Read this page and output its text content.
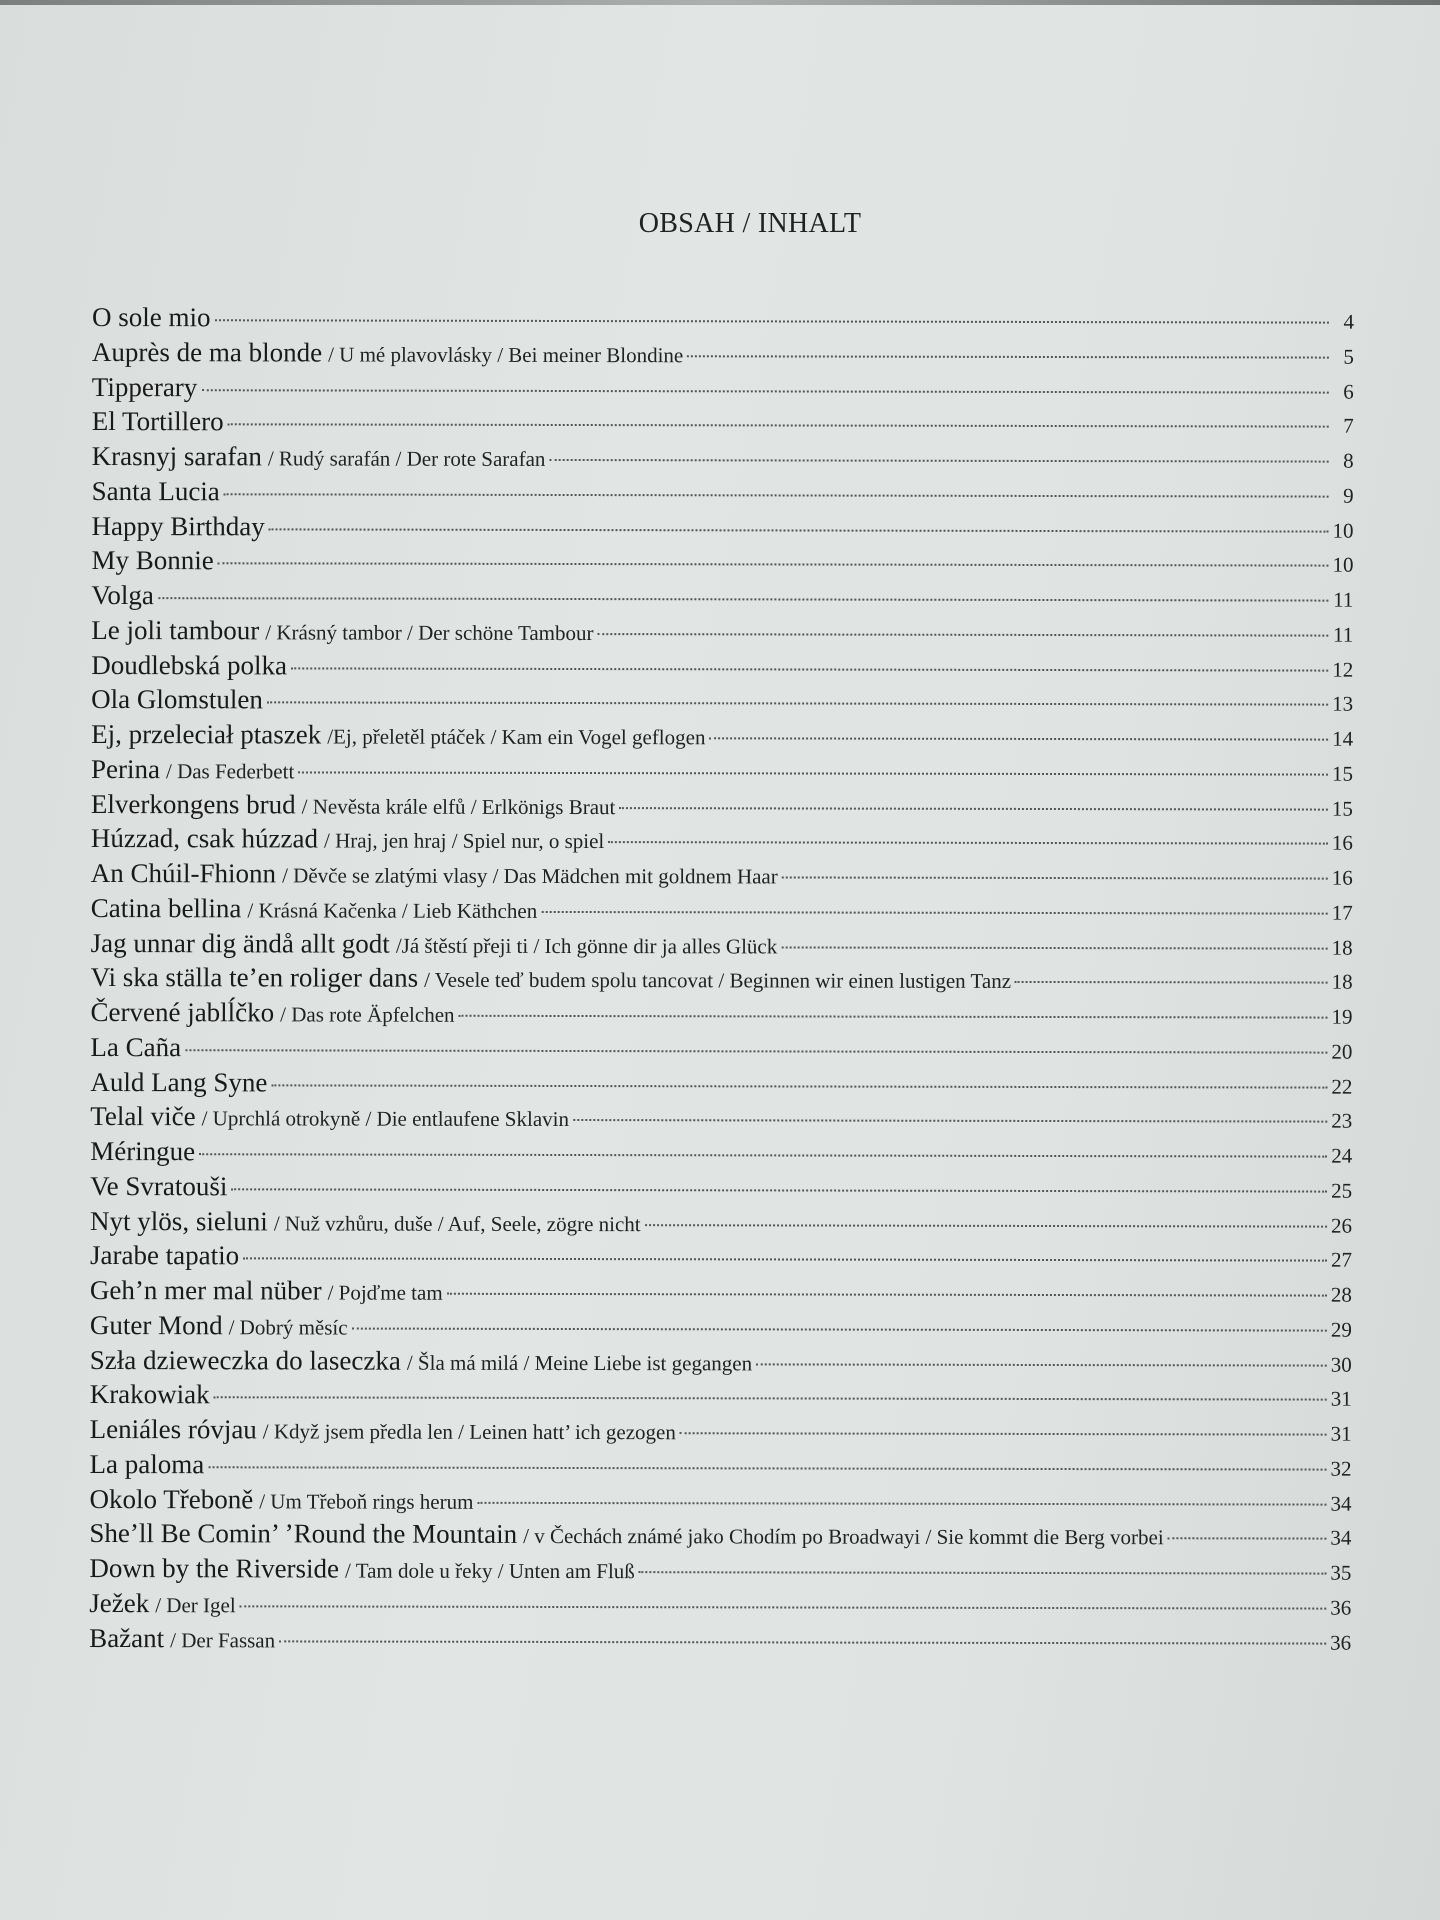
OBSAH / INHALT
O sole mio	4
Auprès de ma blonde / U mé plavovlásky / Bei meiner Blondine	5
Tipperary	6
El Tortillero	7
Krasnyj sarafan / Rudý sarafán / Der rote Sarafan	8
Santa Lucia	9
Happy Birthday	10
My Bonnie	10
Volga	11
Le joli tambour / Krásný tambor / Der schöne Tambour	11
Doudlebská polka	12
Ola Glomstulen	13
Ej, przeleciał ptaszek /Ej, přeletěl ptáček / Kam ein Vogel geflogen	14
Perina / Das Federbett	15
Elverkongens brud / Nevěsta krále elfů / Erlkönigs Braut	15
Húzzad, csak húzzad / Hraj, jen hraj / Spiel nur, o spiel	16
An Chúil-Fhionn / Děvče se zlatými vlasy / Das Mädchen mit goldnem Haar	16
Catina bellina / Krásná Kačenka / Lieb Käthchen	17
Jag unnar dig ändå allt godt /Já štěstí přeji ti / Ich gönne dir ja alles Glück	18
Vi ska ställa te’en roliger dans / Vesele teď budem spolu tancovat / Beginnen wir einen lustigen Tanz	18
Červené jablĺčko / Das rote Äpfelchen	19
La Caña	20
Auld Lang Syne	22
Telal viče / Uprchlá otrokyně / Die entlaufene Sklavin	23
Méringue	24
Ve Svratouši	25
Nyt ylös, sieluni / Nuž vzhůru, duše / Auf, Seele, zögre nicht	26
Jarabe tapatio	27
Geh’n mer mal nüber / Pojďme tam	28
Guter Mond / Dobrý měsíc	29
Szła dzieweczka do laseczka / Šla má milá / Meine Liebe ist gegangen	30
Krakowiak	31
Leniáles róvjau / Když jsem předla len / Leinen hatt’ ich gezogen	31
La paloma	32
Okolo Třeboně / Um Třeboň rings herum	34
She’ll Be Comin’ ’Round the Mountain / v Čechách známé jako Chodím po Broadwayi / Sie kommt die Berg vorbei	34
Down by the Riverside / Tam dole u řeky / Unten am Fluß	35
Ježek / Der Igel	36
Bažant / Der Fassan	36
